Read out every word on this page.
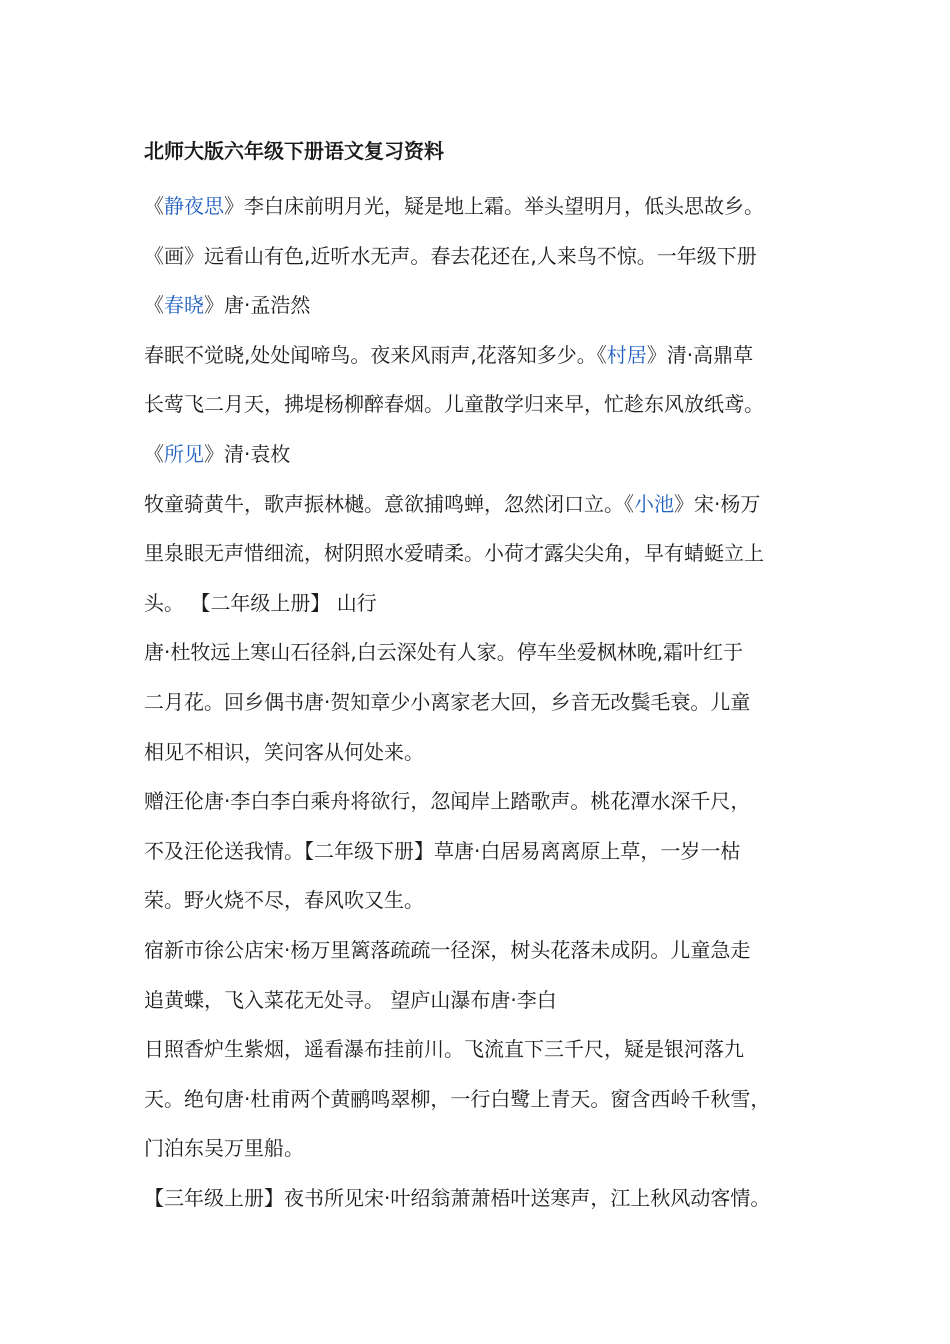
北师大版六年级下册语文复习资料
《静夜思》李白床前明月光，疑是地上霜。举头望明月，低头思故乡。
《画》远看山有色,近听水无声。春去花还在,人来鸟不惊。一年级下册
《春晓》唐·孟浩然
春眠不觉晓,处处闻啼鸟。夜来风雨声,花落知多少。《村居》清·高鼎草
长莺飞二月天，拂堤杨柳醉春烟。儿童散学归来早，忙趁东风放纸鸢。
《所见》清·袁枚
牧童骑黄牛，歌声振林樾。意欲捕鸣蝉，忽然闭口立。《小池》宋·杨万
里泉眼无声惜细流，树阴照水爱晴柔。小荷才露尖尖角，早有蜻蜓立上
头。 【二年级上册】 山行
唐·杜牧远上寒山石径斜,白云深处有人家。停车坐爱枫林晚,霜叶红于
二月花。回乡偶书唐·贺知章少小离家老大回，乡音无改鬓毛衰。儿童
相见不相识，笑问客从何处来。
赠汪伦唐·李白李白乘舟将欲行，忽闻岸上踏歌声。桃花潭水深千尺，
不及汪伦送我情。【二年级下册】草唐·白居易离离原上草，一岁一枯
荣。野火烧不尽，春风吹又生。
宿新市徐公店宋·杨万里篱落疏疏一径深，树头花落未成阴。儿童急走
追黄蝶，飞入菜花无处寻。 望庐山瀑布唐·李白
日照香炉生紫烟，遥看瀑布挂前川。飞流直下三千尺，疑是银河落九
天。绝句唐·杜甫两个黄鹂鸣翠柳，一行白鹭上青天。窗含西岭千秋雪，
门泊东吴万里船。
【三年级上册】夜书所见宋·叶绍翁萧萧梧叶送寒声，江上秋风动客情。
